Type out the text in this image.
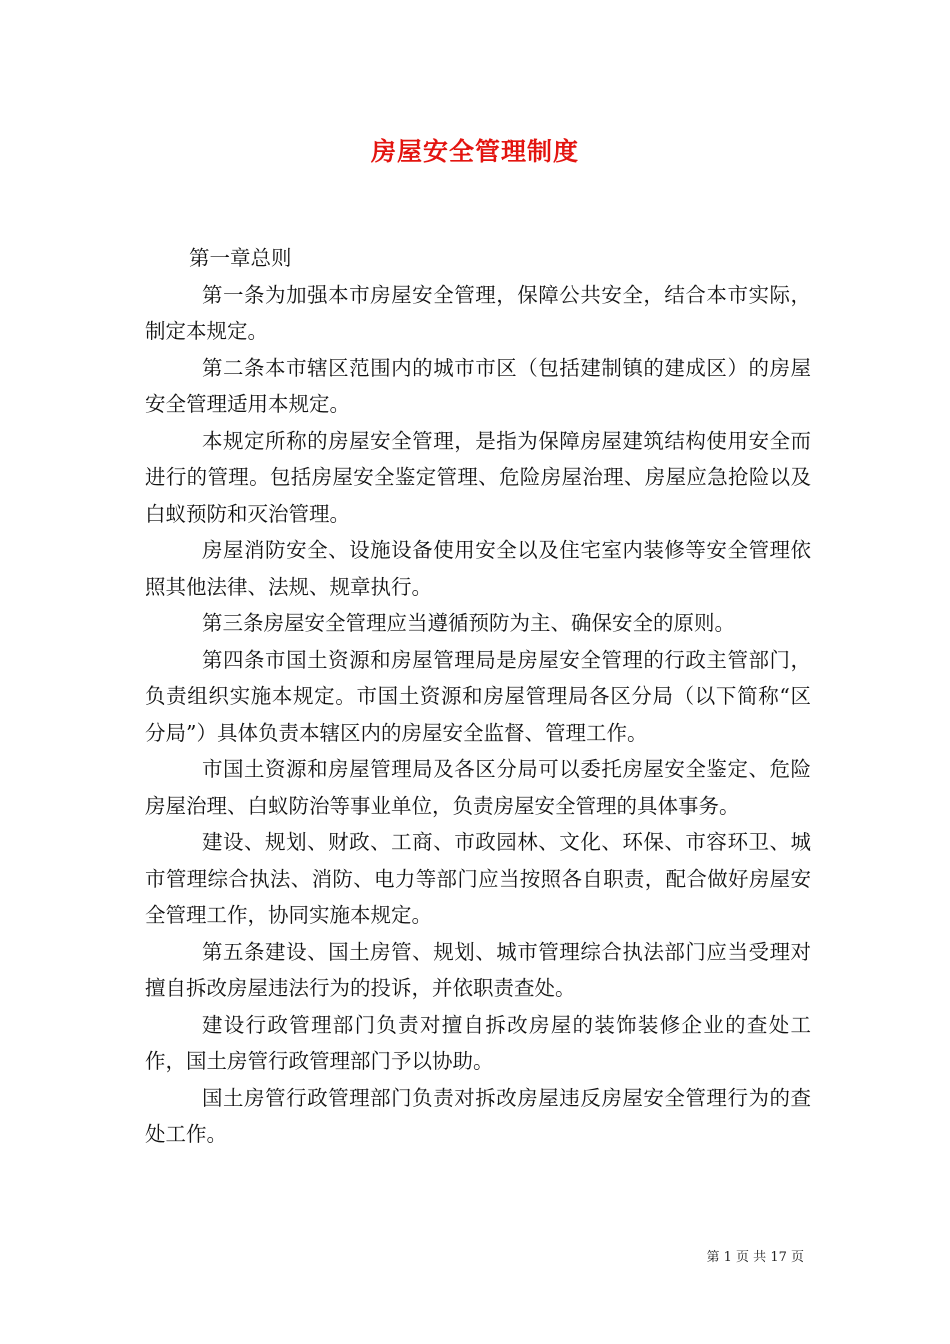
房屋安全管理制度

第一章总则

第一条为加强本市房屋安全管理，保障公共安全，结合本市实际，制定本规定。

第二条本市辖区范围内的城市市区（包括建制镇的建成区）的房屋安全管理适用本规定。

本规定所称的房屋安全管理，是指为保障房屋建筑结构使用安全而进行的管理。包括房屋安全鉴定管理、危险房屋治理、房屋应急抢险以及白蚁预防和灭治管理。

房屋消防安全、设施设备使用安全以及住宅室内装修等安全管理依照其他法律、法规、规章执行。

第三条房屋安全管理应当遵循预防为主、确保安全的原则。

第四条市国土资源和房屋管理局是房屋安全管理的行政主管部门，负责组织实施本规定。市国土资源和房屋管理局各区分局（以下简称“区分局”）具体负责本辖区内的房屋安全监督、管理工作。

市国土资源和房屋管理局及各区分局可以委托房屋安全鉴定、危险房屋治理、白蚁防治等事业单位，负责房屋安全管理的具体事务。

建设、规划、财政、工商、市政园林、文化、环保、市容环卫、城市管理综合执法、消防、电力等部门应当按照各自职责，配合做好房屋安全管理工作，协同实施本规定。

第五条建设、国土房管、规划、城市管理综合执法部门应当受理对擅自拆改房屋违法行为的投诉，并依职责查处。

建设行政管理部门负责对擅自拆改房屋的装饰装修企业的查处工作，国土房管行政管理部门予以协助。

国土房管行政管理部门负责对拆改房屋违反房屋安全管理行为的查处工作。

第 1 页 共 17 页
